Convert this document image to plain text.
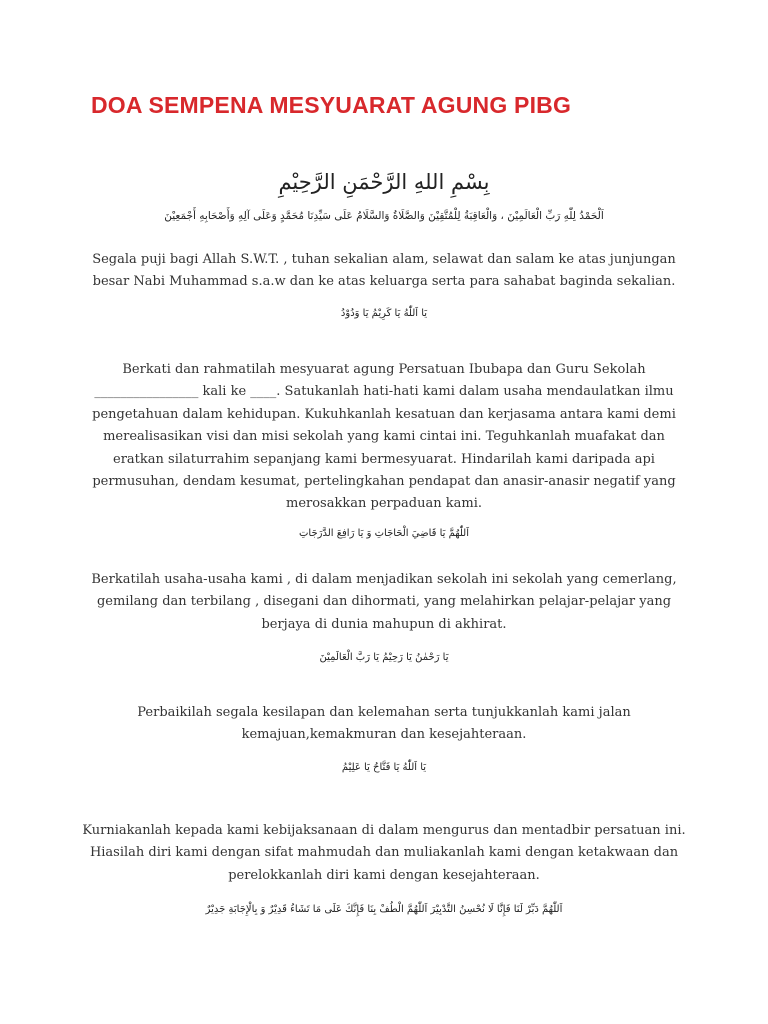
DOA SEMPENA MESYUARAT AGUNG PIBG

بِسْمِ اللهِ الرَّحْمَنِ الرَّحِيْمِ

اَلْحَمْدُ لِلّٰهِ رَبِّ الْعَالَمِيْنَ ، وَالْعَاقِبَةُ لِلْمُتَّقِيْنَ وَالصَّلَاةُ وَالسَّلَامُ عَلَى سَيِّدِنَا مُحَمَّدٍ وَعَلَى آلِهِ وَأَصْحَابِهِ أَجْمَعِيْنَ

Segala puji bagi Allah S.W.T. , tuhan sekalian alam, selawat dan salam ke atas junjungan besar Nabi Muhammad s.a.w dan ke atas keluarga serta para sahabat baginda sekalian.

يَا اَللّٰهُ يَا كَرِيْمُ يَا وَدُوْدُ

Berkati dan rahmatilah mesyuarat agung Persatuan Ibubapa dan Guru Sekolah ________________ kali ke ____. Satukanlah hati-hati kami dalam usaha mendaulatkan ilmu pengetahuan dalam kehidupan. Kukuhkanlah kesatuan dan kerjasama antara kami demi merealisasikan visi dan misi sekolah yang kami cintai ini. Teguhkanlah muafakat dan eratkan silaturrahim sepanjang kami bermesyuarat. Hindarilah kami daripada api permusuhan, dendam kesumat, pertelingkahan pendapat dan anasir-anasir negatif yang merosakkan perpaduan kami.

اَللّٰهُمَّ يَا قَاضِيَ الْحَاجَاتِ وَ يَا رَافِعَ الدَّرَجَاتِ

Berkatilah usaha-usaha kami , di dalam menjadikan sekolah ini sekolah yang cemerlang, gemilang dan terbilang , disegani dan dihormati, yang melahirkan pelajar-pelajar yang berjaya di dunia mahupun di akhirat.

يَا رَحْمٰنُ يَا رَحِيْمُ يَا رَبَّ الْعَالَمِيْنَ

Perbaikilah segala kesilapan dan kelemahan serta tunjukkanlah kami jalan kemajuan,kemakmuran dan kesejahteraan.

يَا اَللّٰهُ يَا فَتَّاحُ يَا عَلِيْمُ

Kurniakanlah kepada kami kebijaksanaan di dalam mengurus dan mentadbir persatuan ini. Hiasilah diri kami dengan sifat mahmudah dan muliakanlah kami dengan ketakwaan dan perelokkanlah diri kami dengan kesejahteraan.

اَللّٰهُمَّ دَبِّرْ لَنَا فَإِنَّا لَا نُحْسِنُ التَّدْبِيْرَ اَللّٰهُمَّ الْطُفْ بِنَا فَإِنَّكَ عَلَى مَا تَشَاءُ قَدِيْرٌ وَ بِالْإِجَابَةِ جَدِيْرٌ
